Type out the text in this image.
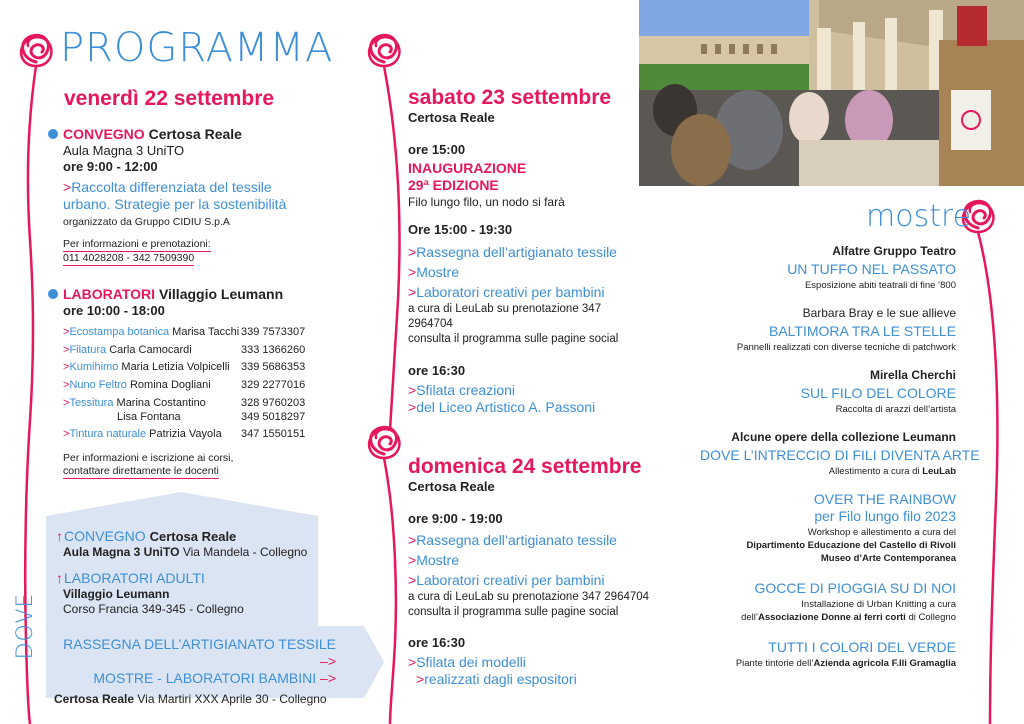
PROGRAMMA
venerdì 22 settembre
CONVEGNO Certosa Reale
Aula Magna 3 UniTO
ore 9:00 - 12:00
> Raccolta differenziata del tessile urbano. Strategie per la sostenibilità
organizzato da Gruppo CIDIU S.p.A
Per informazioni e prenotazioni:
011 4028208 - 342 7509390
LABORATORI Villaggio Leumann
ore 10:00 - 18:00
> Ecostampa botanica Marisa Tacchi 339 7573307
> Filatura Carla Camocardi	333 1366260
> Kumihimo Maria Letizia Volpicelli	339 5686353
> Nuno Feltro Romina Dogliani	329 2277016
> Tessitura Marina Costantino	328 9760203
Lisa Fontana	349 5018297
> Tintura naturale Patrizia Vayola	347 1550151
Per informazioni e iscrizione ai corsi,
contattare direttamente le docenti
DOVE
↑ CONVEGNO Certosa Reale
Aula Magna 3 UniTO Via Mandela - Collegno
↑ LABORATORI ADULTI
Villaggio Leumann
Corso Francia 349-345 - Collegno
RASSEGNA DELL’ARTIGIANATO TESSILE –>
MOSTRE - LABORATORI BAMBINI –>
Certosa Reale Via Martiri XXX Aprile 30 - Collegno
sabato 23 settembre
Certosa Reale
ore 15:00
INAUGURAZIONE
29ª EDIZIONE
Filo lungo filo, un nodo si farà
Ore 15:00 - 19:30
> Rassegna dell’artigianato tessile
> Mostre
> Laboratori creativi per bambini
a cura di LeuLab su prenotazione 347 2964704
consulta il programma sulle pagine social
ore 16:30
> Sfilata creazioni
> del Liceo Artistico A. Passoni
domenica 24 settembre
Certosa Reale
ore 9:00 - 19:00
> Rassegna dell’artigianato tessile
> Mostre
> Laboratori creativi per bambini
a cura di LeuLab su prenotazione 347 2964704
consulta il programma sulle pagine social
ore 16:30
> Sfilata dei modelli
> realizzati dagli espositori
mostre
Alfatre Gruppo Teatro
UN TUFFO NEL PASSATO
Esposizione abiti teatrali di fine ‘800
Barbara Bray e le sue allieve
BALTIMORA TRA LE STELLE
Pannelli realizzati con diverse tecniche di patchwork
Mirella Cherchi
SUL FILO DEL COLORE
Raccolta di arazzi dell’artista
Alcune opere della collezione Leumann
DOVE L’INTRECCIO DI FILI DIVENTA ARTE
Allestimento a cura di LeuLab
OVER THE RAINBOW
per Filo lungo filo 2023
Workshop e allestimento a cura del
Dipartimento Educazione del Castello di Rivoli
Museo d’Arte Contemporanea
GOCCE DI PIOGGIA SU DI NOI
Installazione di Urban Knitting a cura
dell’Associazione Donne ai ferri corti di Collegno
TUTTI I COLORI DEL VERDE
Piante tintorie dell’Azienda agricola F.lli Gramaglia
